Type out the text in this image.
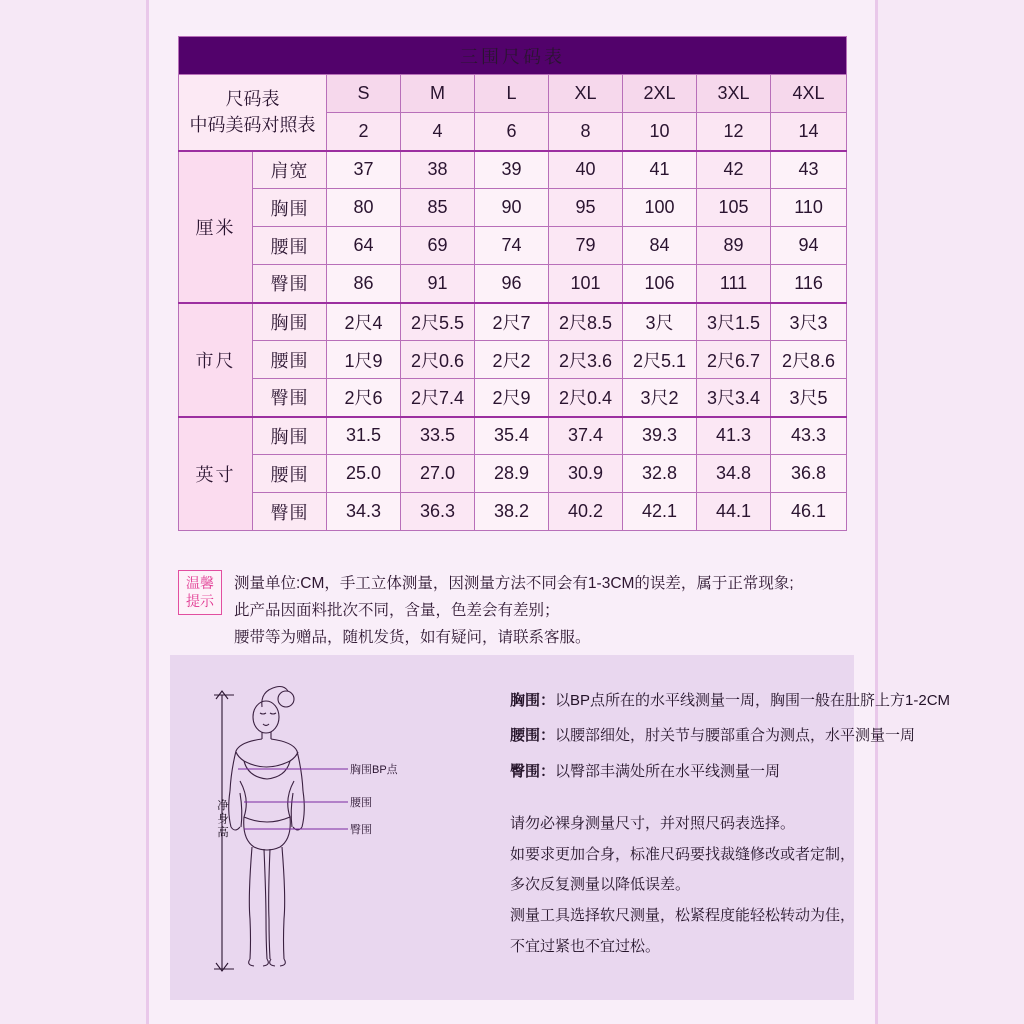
三围尺码表								

尺码表
中码美码对照表		S	M	L	XL	2XL	3XL	4XL
		2	4	6	8	10	12	14
厘米	肩宽	37	38	39	40	41	42	43
	胸围	80	85	90	95	100	105	110
	腰围	64	69	74	79	84	89	94
	臀围	86	91	96	101	106	111	116
市尺	胸围	2尺4	2尺5.5	2尺7	2尺8.5	3尺	3尺1.5	3尺3
	腰围	1尺9	2尺0.6	2尺2	2尺3.6	2尺5.1	2尺6.7	2尺8.6
	臀围	2尺6	2尺7.4	2尺9	2尺0.4	3尺2	3尺3.4	3尺5
英寸	胸围	31.5	33.5	35.4	37.4	39.3	41.3	43.3
	腰围	25.0	27.0	28.9	30.9	32.8	34.8	36.8
	臀围	34.3	36.3	38.2	40.2	42.1	44.1	46.1
温馨
提示
测量单位:CM，手工立体测量，因测量方法不同会有1-3CM的误差，属于正常现象;
此产品因面料批次不同，含量，色差会有差别；
腰带等为赠品，随机发货，如有疑问，请联系客服。
胸围BP点
腰围
臀围
净身高
胸围：以BP点所在的水平线测量一周，胸围一般在肚脐上方1-2CM
腰围：以腰部细处，肘关节与腰部重合为测点，水平测量一周
臀围：以臀部丰满处所在水平线测量一周
请勿必裸身测量尺寸，并对照尺码表选择。
如要求更加合身，标准尺码要找裁缝修改或者定制，
多次反复测量以降低误差。
测量工具选择软尺测量，松紧程度能轻松转动为佳，
不宜过紧也不宜过松。
